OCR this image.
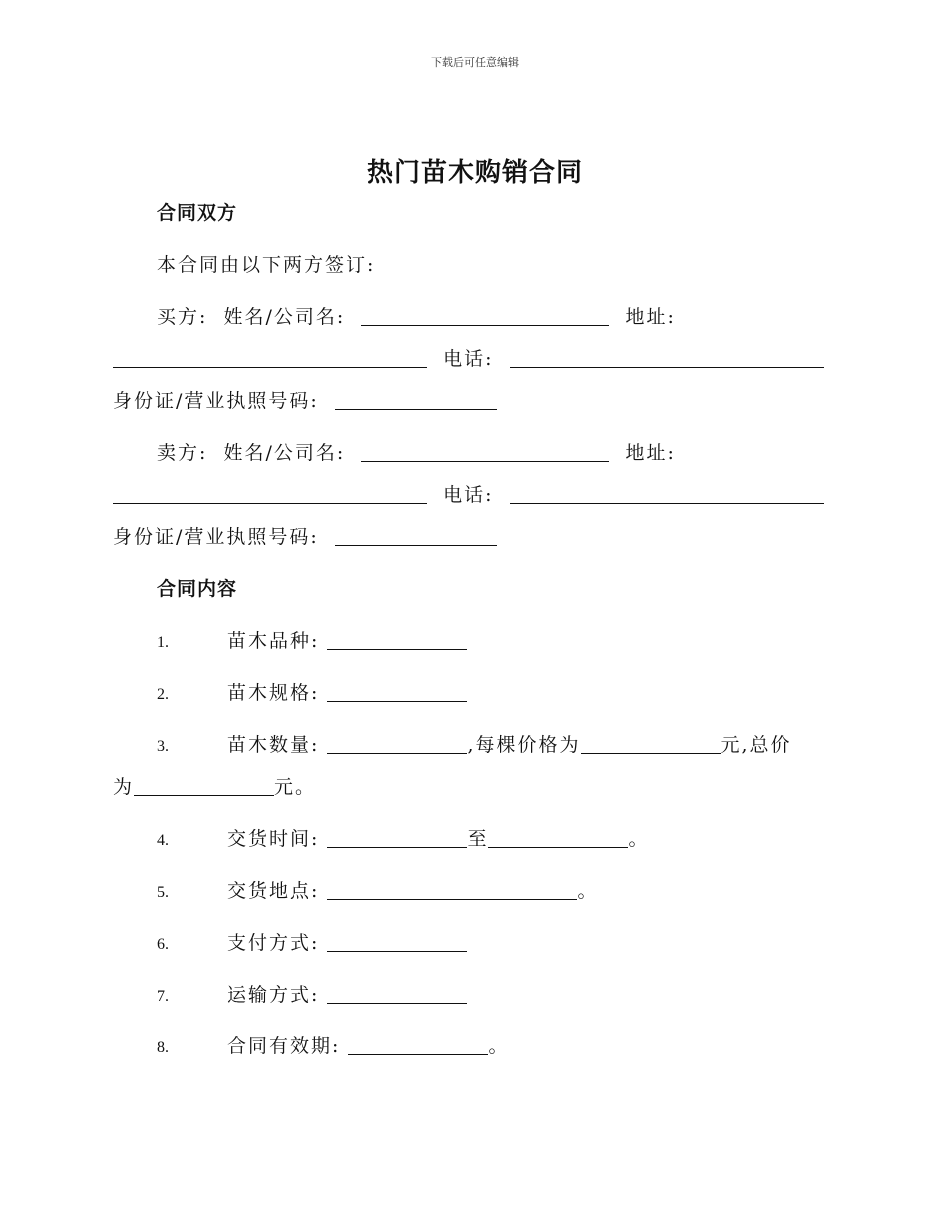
下载后可任意编辑
热门苗木购销合同
合同双方
本合同由以下两方签订:
买方: 姓名/公司名:	地址:
电话:
身份证/营业执照号码:
卖方: 姓名/公司名:	地址:
电话:
身份证/营业执照号码:
合同内容
1.	苗木品种:
2.	苗木规格:
3.	苗木数量:	,每棵价格为	元,总价
为	元。
4.	交货时间:	至	。
5.	交货地点:	。
6.	支付方式:
7.	运输方式:
8.	合同有效期:	。
